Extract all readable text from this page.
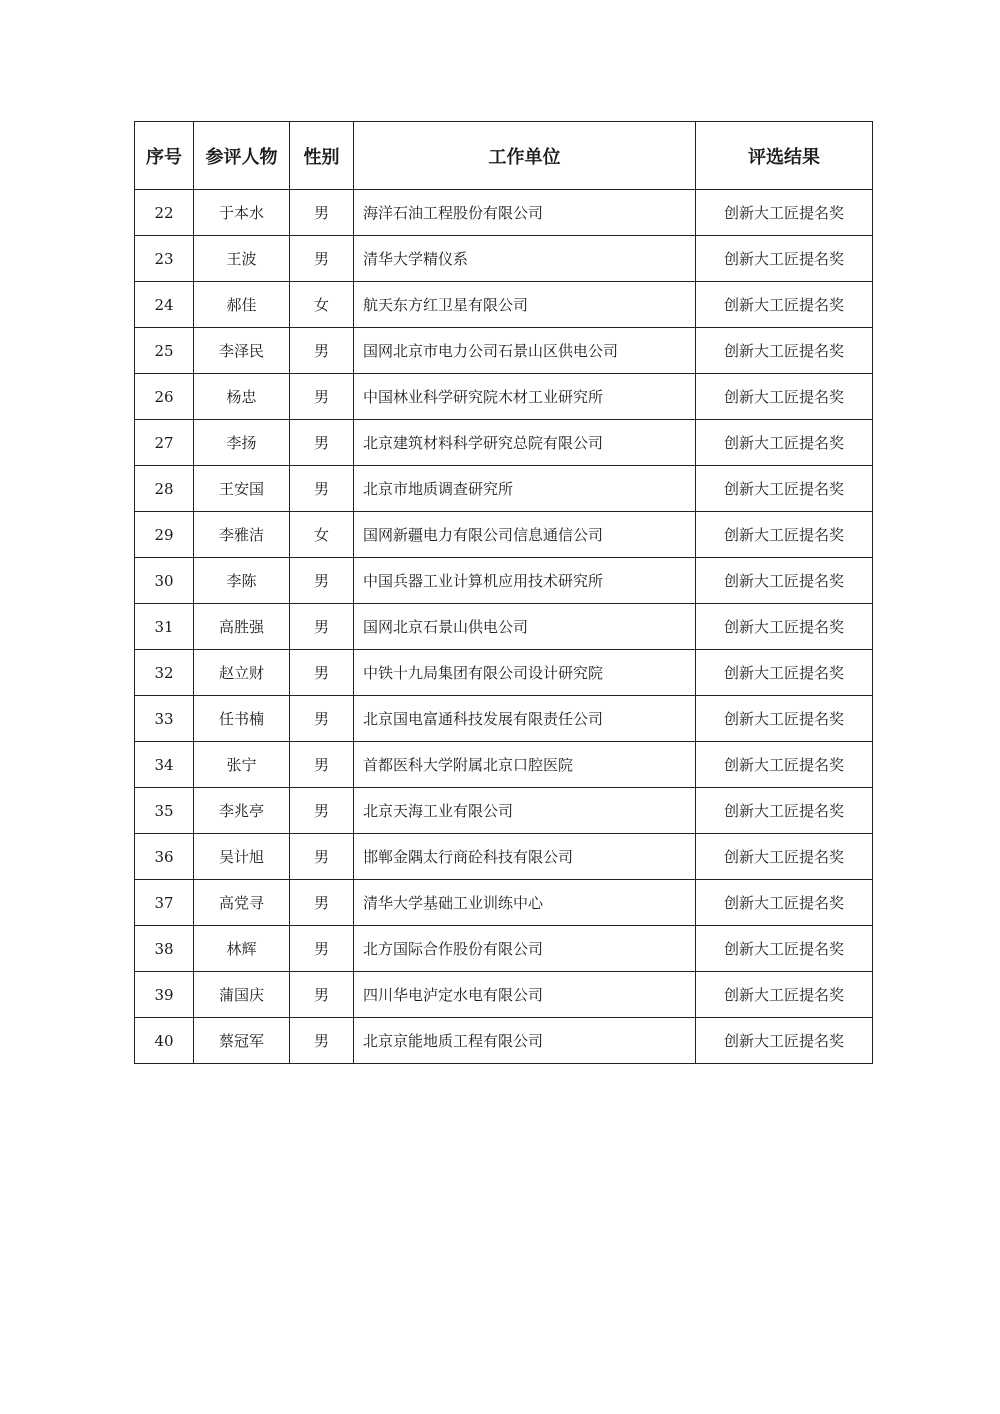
序号	参评人物	性别	工作单位	评选结果
22	于本水	男	海洋石油工程股份有限公司	创新大工匠提名奖
23	王波	男	清华大学精仪系	创新大工匠提名奖
24	郝佳	女	航天东方红卫星有限公司	创新大工匠提名奖
25	李泽民	男	国网北京市电力公司石景山区供电公司	创新大工匠提名奖
26	杨忠	男	中国林业科学研究院木材工业研究所	创新大工匠提名奖
27	李扬	男	北京建筑材料科学研究总院有限公司	创新大工匠提名奖
28	王安国	男	北京市地质调查研究所	创新大工匠提名奖
29	李雅洁	女	国网新疆电力有限公司信息通信公司	创新大工匠提名奖
30	李陈	男	中国兵器工业计算机应用技术研究所	创新大工匠提名奖
31	高胜强	男	国网北京石景山供电公司	创新大工匠提名奖
32	赵立财	男	中铁十九局集团有限公司设计研究院	创新大工匠提名奖
33	任书楠	男	北京国电富通科技发展有限责任公司	创新大工匠提名奖
34	张宁	男	首都医科大学附属北京口腔医院	创新大工匠提名奖
35	李兆亭	男	北京天海工业有限公司	创新大工匠提名奖
36	吴计旭	男	邯郸金隅太行商砼科技有限公司	创新大工匠提名奖
37	高党寻	男	清华大学基础工业训练中心	创新大工匠提名奖
38	林辉	男	北方国际合作股份有限公司	创新大工匠提名奖
39	蒲国庆	男	四川华电泸定水电有限公司	创新大工匠提名奖
40	蔡冠军	男	北京京能地质工程有限公司	创新大工匠提名奖
